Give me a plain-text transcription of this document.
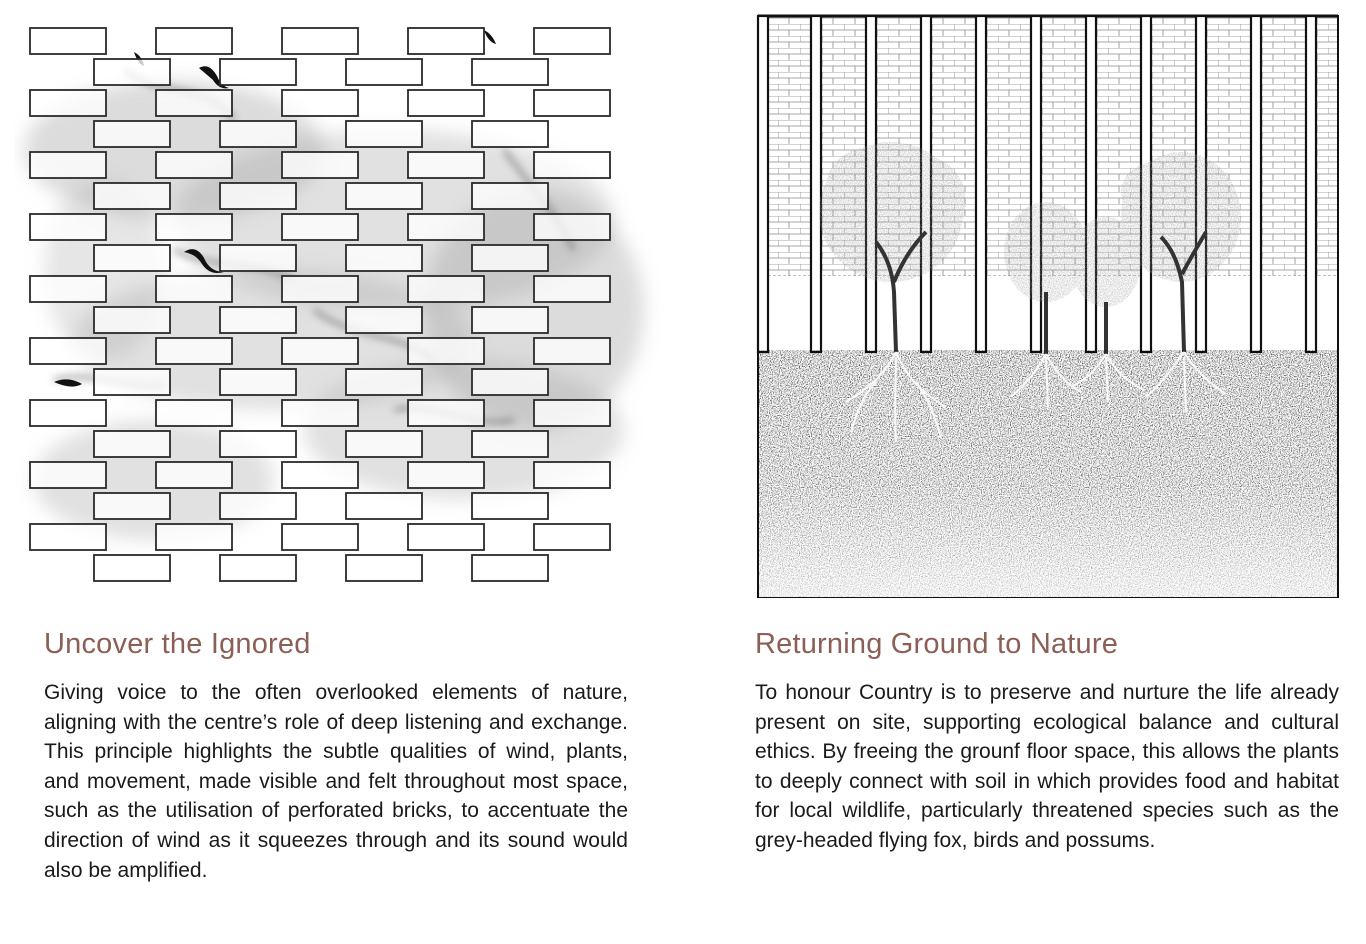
Uncover the Ignored

Giving voice to the often overlooked elements of nature, aligning with the centre’s role of deep listening and exchange. This principle highlights the subtle qualities of wind, plants, and movement, made visible and felt throughout most space, such as the utilisation of perforated bricks, to accentuate the direction of wind as it squeezes through and its sound would also be amplified.

Returning Ground to Nature

To honour Country is to preserve and nurture the life already present on site, supporting ecological balance and cultural ethics. By freeing the grounf floor space, this allows the plants to deeply connect with soil in which provides food and habitat for local wildlife, particularly threatened species such as the grey-headed flying fox, birds and possums.
